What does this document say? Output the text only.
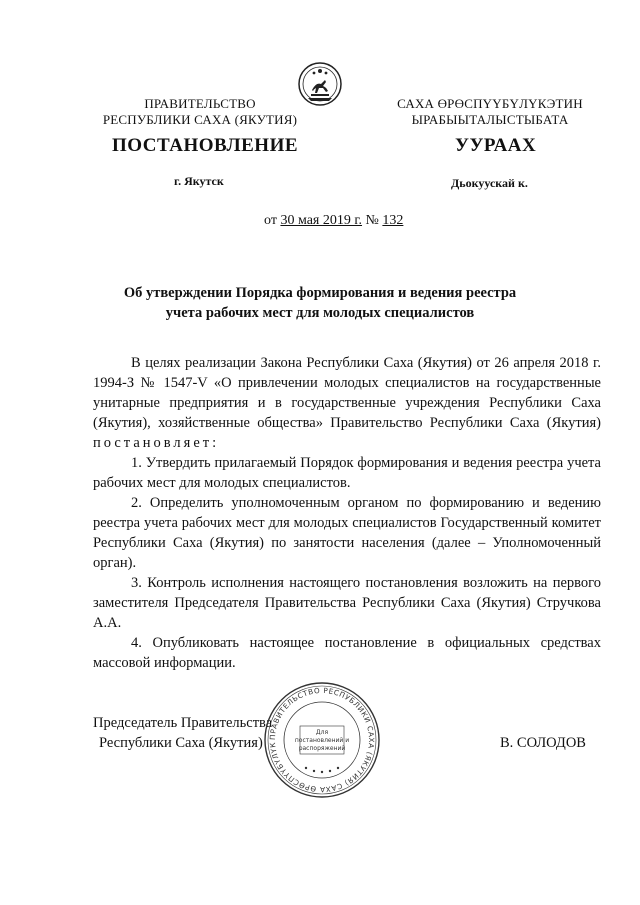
ПРАВИТЕЛЬСТВО
РЕСПУБЛИКИ САХА (ЯКУТИЯ)
САХА ӨРӨСПҮҮБҮЛҮКЭТИН
ЫРАБЫЫТАЛЫСТЫБАТА
ПОСТАНОВЛЕНИЕ	УУРААХ
г. Якутск	Дьокуускай к.
от 30 мая 2019 г. № 132
Об утверждении Порядка формирования и ведения реестра
учета рабочих мест для молодых специалистов

В целях реализации Закона Республики Саха (Якутия) от 26 апреля 2018 г. 1994-З № 1547-V «О привлечении молодых специалистов на государственные унитарные предприятия и в государственные учреждения Республики Саха (Якутия), хозяйственные общества» Правительство Республики Саха (Якутия) постановляет:

1. Утвердить прилагаемый Порядок формирования и ведения реестра учета рабочих мест для молодых специалистов.

2. Определить уполномоченным органом по формированию и ведению реестра учета рабочих мест для молодых специалистов Государственный комитет Республики Саха (Якутия) по занятости населения (далее – Уполномоченный орган).

3. Контроль исполнения настоящего постановления возложить на первого заместителя Председателя Правительства Республики Саха (Якутия) Стручкова А.А.

4. Опубликовать настоящее постановление в официальных средствах массовой информации.

Председатель Правительства
Республики Саха (Якутия)	В. СОЛОДОВ
ПРАВИТЕЛЬСТВО РЕСПУБЛИКИ САХА (ЯКУТИЯ) САХА ӨРӨСПҮҮБҮЛҮК
Для
постановлений и
распоряжений
